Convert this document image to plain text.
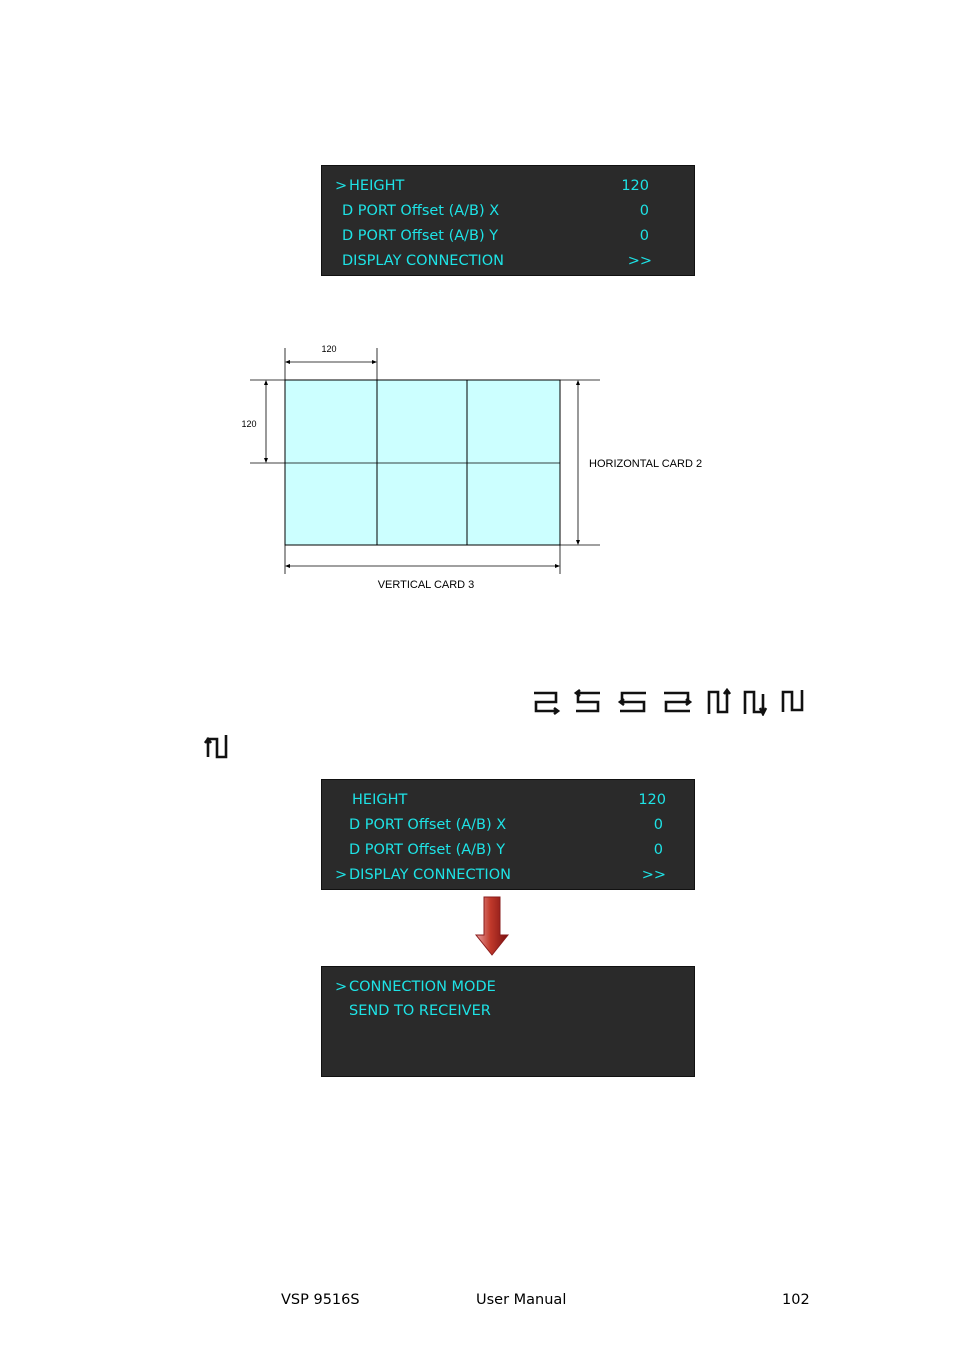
> HEIGHT	120
D PORT Offset (A/B) X	0
D PORT Offset (A/B) Y	0
DISPLAY CONNECTION	>>
120
120
HORIZONTAL CARD 2
VERTICAL CARD 3
HEIGHT	120
D PORT Offset (A/B) X	0
D PORT Offset (A/B) Y	0
> DISPLAY CONNECTION	>>
> CONNECTION MODE
SEND TO RECEIVER
VSP 9516S	User Manual	102
